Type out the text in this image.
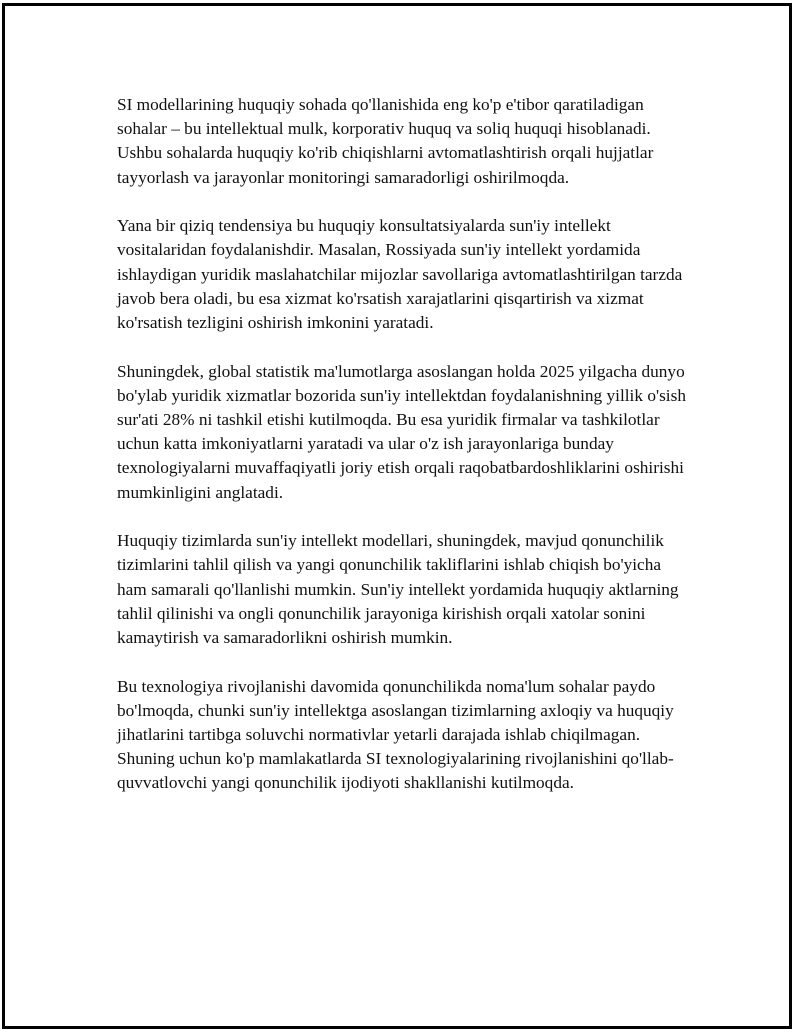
SI modellarining huquqiy sohada qo'llanishida eng ko'p e'tibor qaratiladigan sohalar – bu intellektual mulk, korporativ huquq va soliq huquqi hisoblanadi. Ushbu sohalarda huquqiy ko'rib chiqishlarni avtomatlashtirish orqali hujjatlar tayyorlash va jarayonlar monitoringi samaradorligi oshirilmoqda.

Yana bir qiziq tendensiya bu huquqiy konsultatsiyalarda sun'iy intellekt vositalaridan foydalanishdir. Masalan, Rossiyada sun'iy intellekt yordamida ishlaydigan yuridik maslahatchilar mijozlar savollariga avtomatlashtirilgan tarzda javob bera oladi, bu esa xizmat ko'rsatish xarajatlarini qisqartirish va xizmat ko'rsatish tezligini oshirish imkonini yaratadi.

Shuningdek, global statistik ma'lumotlarga asoslangan holda 2025 yilgacha dunyo bo'ylab yuridik xizmatlar bozorida sun'iy intellektdan foydalanishning yillik o'sish sur'ati 28% ni tashkil etishi kutilmoqda. Bu esa yuridik firmalar va tashkilotlar uchun katta imkoniyatlarni yaratadi va ular o'z ish jarayonlariga bunday texnologiyalarni muvaffaqiyatli joriy etish orqali raqobatbardoshliklarini oshirishi mumkinligini anglatadi.

Huquqiy tizimlarda sun'iy intellekt modellari, shuningdek, mavjud qonunchilik tizimlarini tahlil qilish va yangi qonunchilik takliflarini ishlab chiqish bo'yicha ham samarali qo'llanlishi mumkin. Sun'iy intellekt yordamida huquqiy aktlarning tahlil qilinishi va ongli qonunchilik jarayoniga kirishish orqali xatolar sonini kamaytirish va samaradorlikni oshirish mumkin.

Bu texnologiya rivojlanishi davomida qonunchilikda noma'lum sohalar paydo bo'lmoqda, chunki sun'iy intellektga asoslangan tizimlarning axloqiy va huquqiy jihatlarini tartibga soluvchi normativlar yetarli darajada ishlab chiqilmagan. Shuning uchun ko'p mamlakatlarda SI texnologiyalarining rivojlanishini qo'llab-quvvatlovchi yangi qonunchilik ijodiyoti shakllanishi kutilmoqda.
